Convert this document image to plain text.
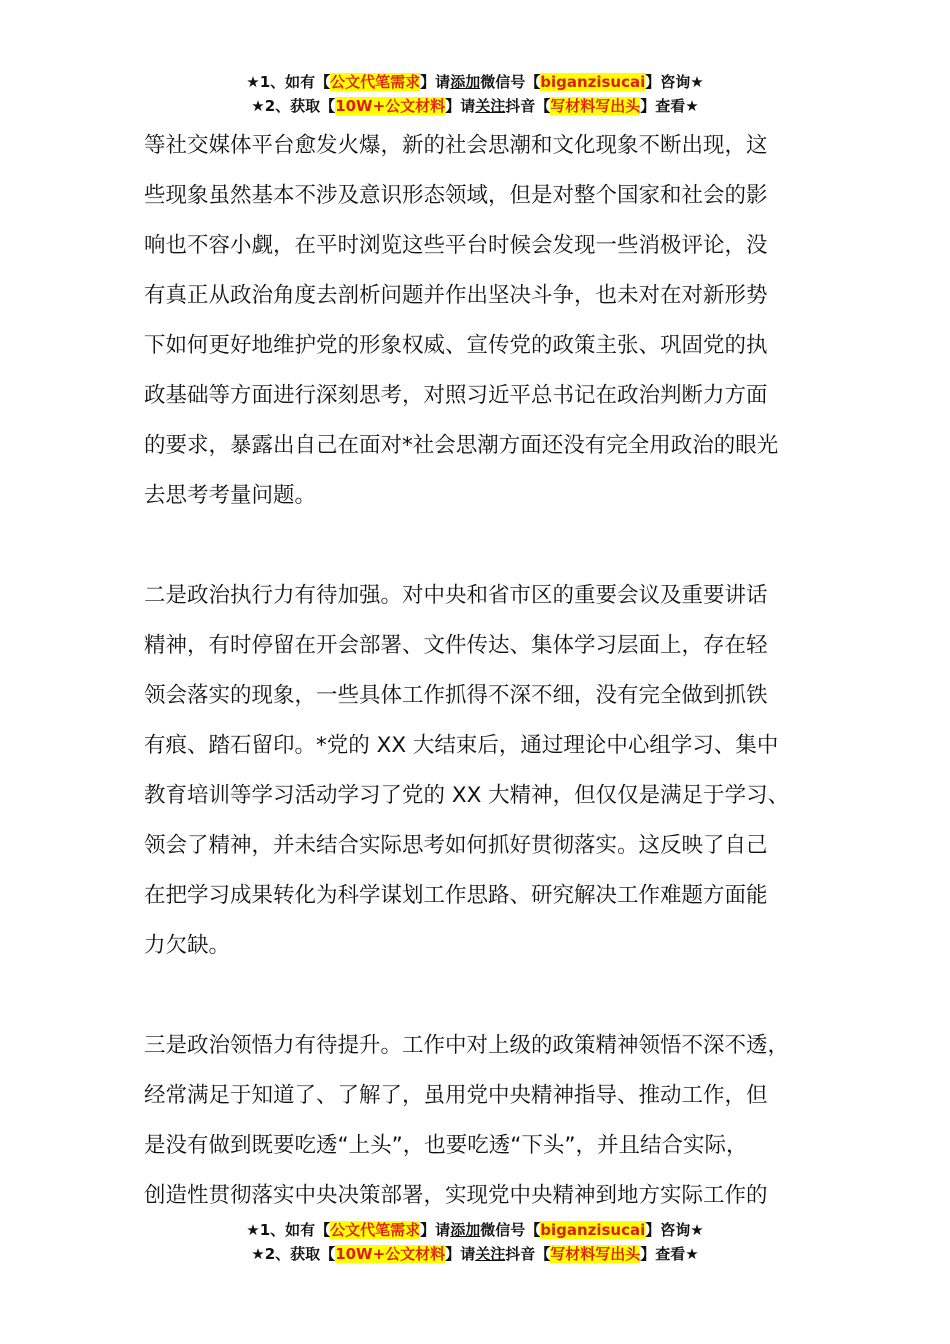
★1、如有【公文代笔需求】请添加微信号【biganzisucai】咨询★
★2、获取【10W+公文材料】请关注抖音【写材料写出头】查看★
等社交媒体平台愈发火爆，新的社会思潮和文化现象不断出现，这
些现象虽然基本不涉及意识形态领域，但是对整个国家和社会的影
响也不容小觑，在平时浏览这些平台时候会发现一些消极评论，没
有真正从政治角度去剖析问题并作出坚决斗争，也未对在对新形势
下如何更好地维护党的形象权威、宣传党的政策主张、巩固党的执
政基础等方面进行深刻思考，对照习近平总书记在政治判断力方面
的要求，暴露出自己在面对*社会思潮方面还没有完全用政治的眼光
去思考考量问题。
二是政治执行力有待加强。对中央和省市区的重要会议及重要讲话
精神，有时停留在开会部署、文件传达、集体学习层面上，存在轻
领会落实的现象，一些具体工作抓得不深不细，没有完全做到抓铁
有痕、踏石留印。*党的 XX 大结束后，通过理论中心组学习、集中
教育培训等学习活动学习了党的 XX 大精神，但仅仅是满足于学习、
领会了精神，并未结合实际思考如何抓好贯彻落实。这反映了自己
在把学习成果转化为科学谋划工作思路、研究解决工作难题方面能
力欠缺。
三是政治领悟力有待提升。工作中对上级的政策精神领悟不深不透，
经常满足于知道了、了解了，虽用党中央精神指导、推动工作，但
是没有做到既要吃透“上头”，也要吃透“下头”，并且结合实际，
创造性贯彻落实中央决策部署，实现党中央精神到地方实际工作的
★1、如有【公文代笔需求】请添加微信号【biganzisucai】咨询★
★2、获取【10W+公文材料】请关注抖音【写材料写出头】查看★
